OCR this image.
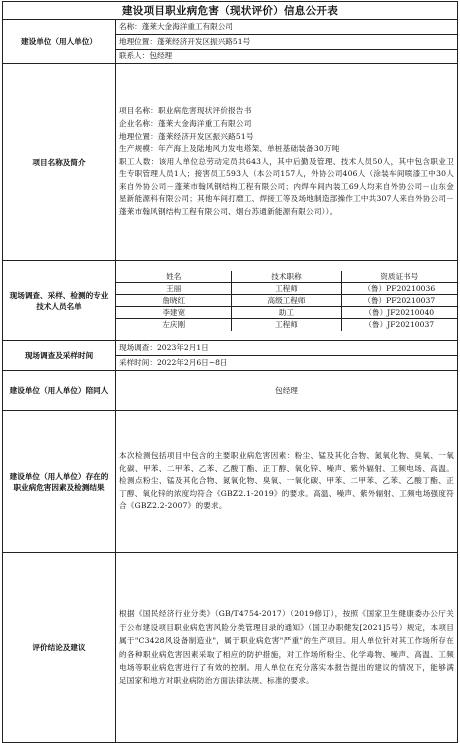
建设项目职业病危害（现状评价）信息公开表
建设单位（用人单位）	
名称：蓬莱大金海洋重工有限公司
地理位置：蓬莱经济开发区振兴路51号
联系人：包经理

项目名称及简介	
项目名称：职业病危害现状评价报告书
企业名称：蓬莱大金海洋重工有限公司
地理位置：蓬莱经济开发区振兴路51号
生产规模：年产海上及陆地风力发电塔架、单桩基础装备30万吨
职工人数：该用人单位总劳动定员共643人，其中后勤及管理、技术人员50人，其中包含职业卫生专职管理人员1人；接害员工593人（本公司157人，外协公司406人（涂装车间喷漆工中30人来自外协公司－蓬莱市翰风钢结构工程有限公司；内焊车间内装工69人均来自外协公司－山东金星新能源科有限公司；其他车间打磨工、焊接工等及场地制造部操作工中共307人来自外协公司－蓬莱市翰风钢结构工程有限公司、烟台苏通新能源有限公司））。

现场调查、采样、检测的专业技术人员名单	
姓名	技术职称	资质证书号
王丽	工程师	（鲁）PF20210036
詹晓红	高级工程师	（鲁）PF20210037
李建宽	助工	（鲁）JF20210040
左庆刚	工程师	（鲁）JF20210037

现场调查及采样时间	
现场调查：2023年2月1日
采样时间：2022年2月6日~8日

建设单位（用人单位）陪同人	包经理
建设单位（用人单位）存在的职业病危害因素及检测结果	本次检测包括项目中包含的主要职业病危害因素：粉尘、锰及其化合物、氮氧化物、臭氧、一氧化碳、甲苯、二甲苯、乙苯、乙酸丁酯、正丁醇、氧化锌、噪声、紫外辐射、工频电场、高温。检测点粉尘、锰及其化合物、氮氧化物、臭氧、一氧化碳、甲苯、二甲苯、乙苯、乙酸丁酯、正丁醇、氧化锌的浓度均符合《GBZ2.1-2019》的要求。高温、噪声、紫外辐射、工频电场强度符合《GBZ2.2-2007》的要求。
评价结论及建议	根据《国民经济行业分类》（GB/T4754-2017）（2019修订），按照《国家卫生健康委办公厅关于公布建设项目职业病危害风险分类管理目录的通知》（国卫办职健发[2021]5号）规定，本项目属于"C3428风设备制造业"，属于职业病危害"严重"的生产项目。用人单位针对其工作场所存在的各种职业病危害因素采取了相应的防护措施，对工作场所粉尘、化学毒物、噪声、高温、工频电场等职业病危害进行了有效的控制。用人单位在充分落实本报告提出的建议的情况下，能够满足国家和地方对职业病防治方面法律法规、标准的要求。
